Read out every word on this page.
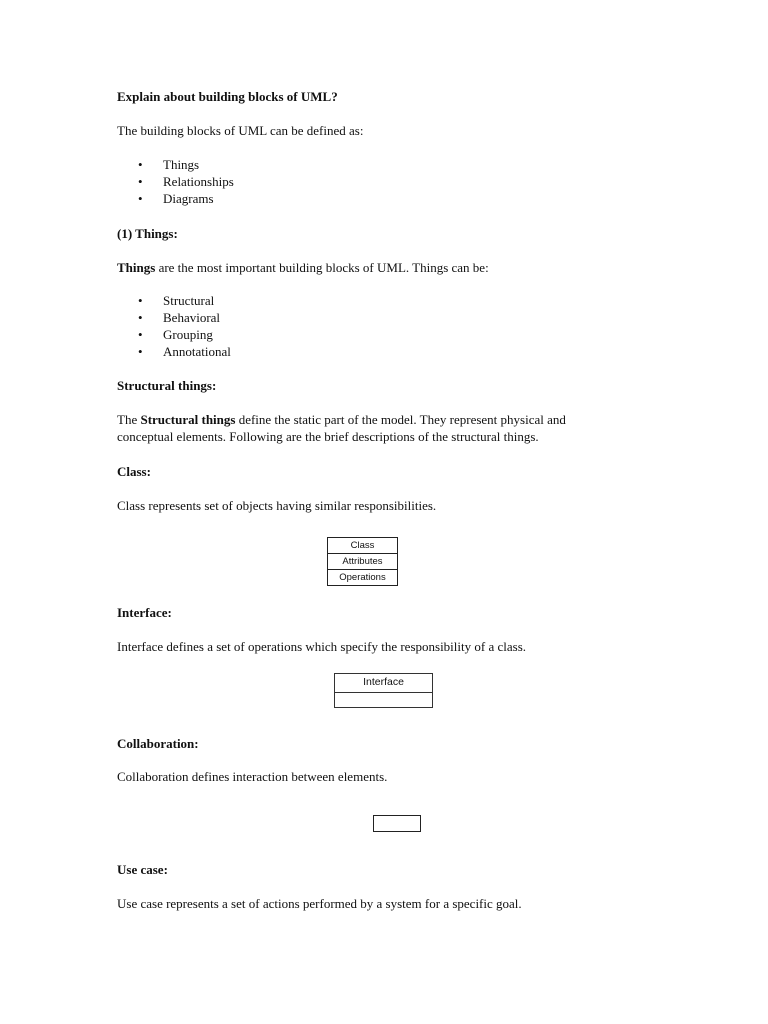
Explain about building blocks of UML?
The building blocks of UML can be defined as:
• Things
• Relationships
• Diagrams
(1) Things:
Things are the most important building blocks of UML. Things can be:
• Structural
• Behavioral
• Grouping
• Annotational
Structural things:
The Structural things define the static part of the model. They represent physical and
conceptual elements. Following are the brief descriptions of the structural things.
Class:
Class represents set of objects having similar responsibilities.
Class
Attributes
Operations
Interface:
Interface defines a set of operations which specify the responsibility of a class.
Interface
Collaboration:
Collaboration defines interaction between elements.
Use case:
Use case represents a set of actions performed by a system for a specific goal.
